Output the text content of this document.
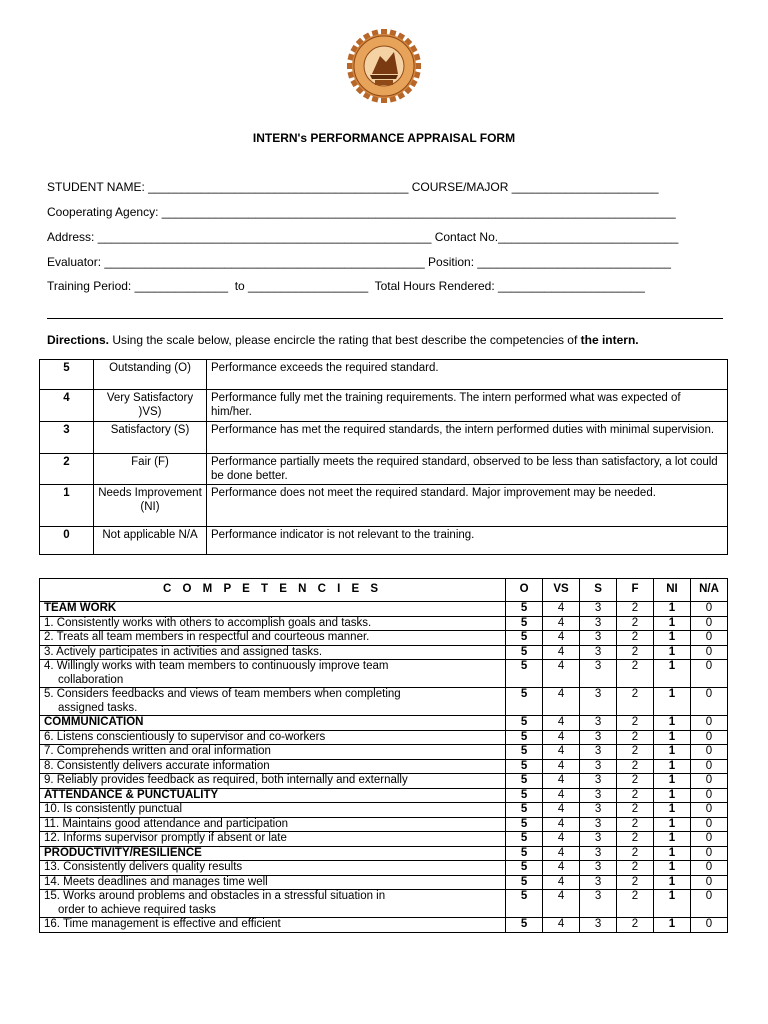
INTERN's PERFORMANCE APPRAISAL FORM
STUDENT NAME: _______________________________________ COURSE/MAJOR ______________________
Cooperating Agency: _____________________________________________________________________________
Address: __________________________________________________ Contact No.___________________________
Evaluator: ________________________________________________ Position: _____________________________
Training Period: ______________  to __________________  Total Hours Rendered: ______________________
Directions. Using the scale below, please encircle the rating that best describe the competencies of the intern.
5	Outstanding (O)	Performance exceeds the required standard.
4	Very Satisfactory )VS)	Performance fully met the training requirements. The intern performed what was expected of him/her.
3	Satisfactory (S)	Performance has met the required standards, the intern performed duties with minimal supervision.
2	Fair (F)	Performance partially meets the required standard, observed to be less than satisfactory, a lot could be done better.
1	Needs Improvement (NI)	Performance does not meet the required standard. Major improvement may be needed.
0	Not applicable N/A	Performance indicator is not relevant to the training.
C O M P E T E N C I E S	O	VS	S	F	NI	N/A
TEAM WORK	5	4	3	2	1	0
1. Consistently works with others to accomplish goals and tasks.	5	4	3	2	1	0
2. Treats all team members in respectful and courteous manner.	5	4	3	2	1	0
3. Actively participates in activities and assigned tasks.	5	4	3	2	1	0
4. Willingly works with team members to continuously improve team
collaboration	5	4	3	2	1	0
5. Considers feedbacks and views of team members when completing
assigned tasks.	5	4	3	2	1	0
COMMUNICATION	5	4	3	2	1	0
6. Listens conscientiously to supervisor and co-workers	5	4	3	2	1	0
7. Comprehends written and oral information	5	4	3	2	1	0
8. Consistently delivers accurate information	5	4	3	2	1	0
9. Reliably provides feedback as required, both internally and externally	5	4	3	2	1	0
ATTENDANCE & PUNCTUALITY	5	4	3	2	1	0
10. Is consistently punctual	5	4	3	2	1	0
11. Maintains good attendance and participation	5	4	3	2	1	0
12. Informs supervisor promptly if absent or late	5	4	3	2	1	0
PRODUCTIVITY/RESILIENCE	5	4	3	2	1	0
13. Consistently delivers quality results	5	4	3	2	1	0
14. Meets deadlines and manages time well	5	4	3	2	1	0
15. Works around problems and obstacles in a stressful situation in
order to achieve required tasks	5	4	3	2	1	0
16. Time management is effective and efficient	5	4	3	2	1	0
